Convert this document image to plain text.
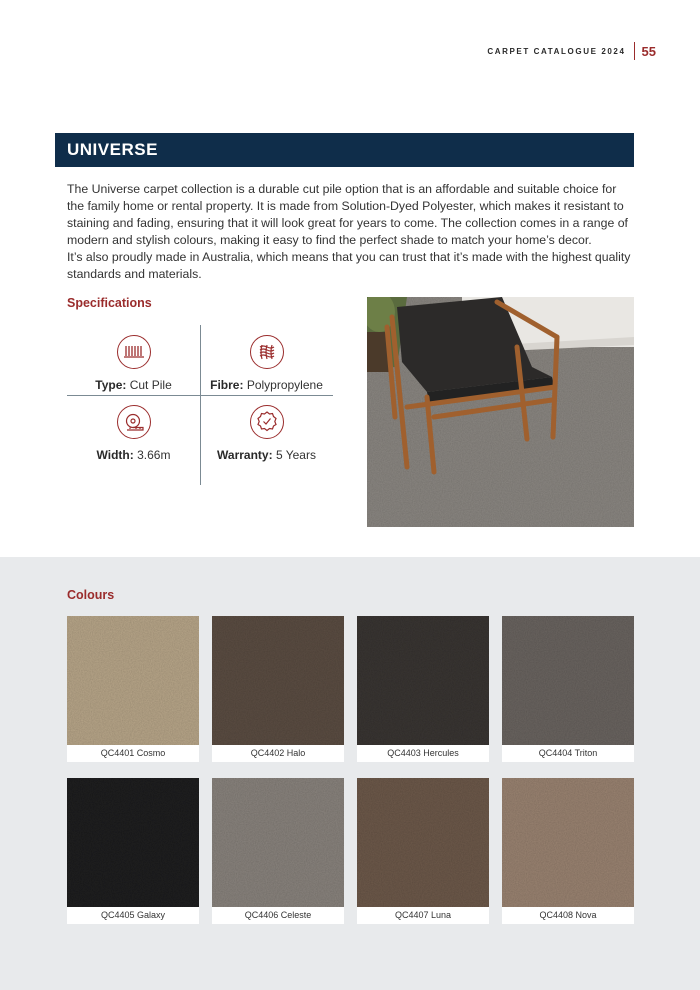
CARPET CATALOGUE 2024 55
UNIVERSE

The Universe carpet collection is a durable cut pile option that is an affordable and suitable choice for the family home or rental property. It is made from Solution-Dyed Polyester, which makes it resistant to staining and fading, ensuring that it will look great for years to come. The collection comes in a range of modern and stylish colours, making it easy to find the perfect shade to match your home’s decor.

It’s also proudly made in Australia, which means that you can trust that it’s made with the highest quality standards and materials.

Specifications
Type: Cut Pile	Fibre: Polypropylene
Width: 3.66m	Warranty: 5 Years
Colours
QC4401 Cosmo	QC4402 Halo	QC4403 Hercules	QC4404 Triton
QC4405 Galaxy	QC4406 Celeste	QC4407 Luna	QC4408 Nova
